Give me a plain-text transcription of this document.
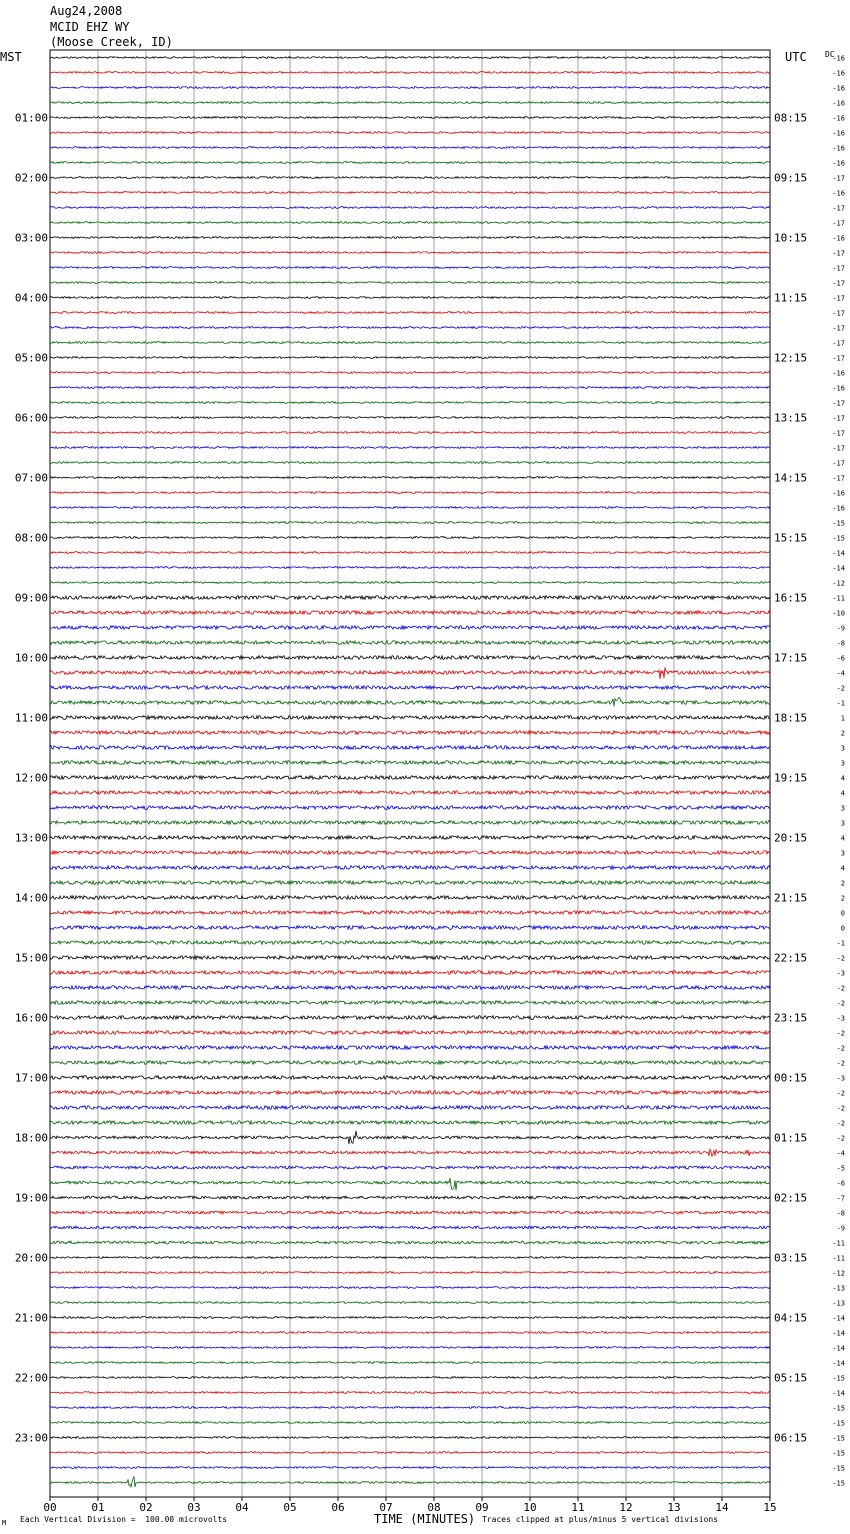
Aug24,2008
MCID EHZ WY
(Moose Creek, ID)
MST	UTC DC
-16
-16
-16
-16
-16
-16
-16
-16
-17
-16
-17
-17
-16
-17
-17
-17
-17
-17
-17
-17
-17
-16
-16
-17
-17
-17
-17
-17
-17
-16
-16
-15
-15
-14
-14
-12
-11
-10
-9
-8
-6
-4
-2
-1
1
2
3
3
4
4
3
3
4
3
4
2
2
0
0
-1
-2
-3
-2
-2
-3
-2
-2
-2
-3
-2
-2
-2
-2
-4
-5
-6
-7
-8
-9
-11
-11
-12
-13
-13
-14
-14
-14
-14
-15
-14
-15
-15
-15
-15
-15
-15
01:00
02:00
03:00
04:00
05:00
06:00
07:00
08:00
09:00
10:00
11:00
12:00
13:00
14:00
15:00
16:00
17:00
18:00
19:00
20:00
21:00
22:00
23:00
08:15
09:15
10:15
11:15
12:15
13:15
14:15
15:15
16:15
17:15
18:15
19:15
20:15
21:15
22:15
23:15
00:15
01:15
02:15
03:15
04:15
05:15
06:15
00	01	02	03	04	05	06	07	08	09	10	11	12	13	14	15
M Each Vertical Division =  100.00 microvolts	TIME (MINUTES) Traces clipped at plus/minus 5 vertical divisions
